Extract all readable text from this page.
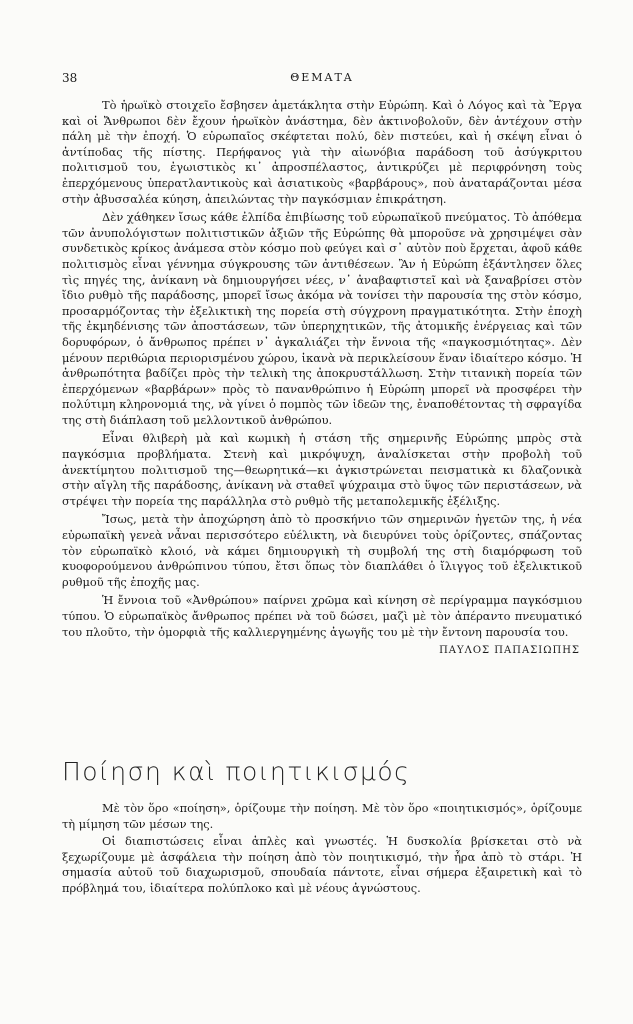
38	ΘΕΜΑΤΑ

Τὸ ἡρωϊκὸ στοιχεῖο ἔσβησεν ἀμετάκλητα στὴν Εὐρώπη. Καὶ ὁ Λόγος καὶ τὰ Ἔργα καὶ οἱ Ἄνθρωποι δὲν ἔχουν ἡρωϊκὸν ἀνάστημα, δὲν ἀκτινοβολοῦν, δὲν ἀντέχουν στὴν πάλη μὲ τὴν ἐποχή. Ὁ εὐρωπαῖος σκέφτεται πολύ, δὲν πιστεύει, καὶ ἡ σκέψη εἶναι ὁ ἀντίποδας τῆς πίστης. Περήφανος γιὰ τὴν αἰωνόβια παράδοση τοῦ ἀσύγκριτου πολιτισμοῦ του, ἐγωιστικὸς κι᾿ ἀπροσπέλαστος, ἀντικρύζει μὲ περιφρόνηση τοὺς ἐπερχόμενους ὑπερατλαντικοὺς καὶ ἀσιατικοὺς «βαρβάρους», ποὺ ἀναταράζονται μέσα στὴν ἀβυσσαλέα κύηση, ἀπειλώντας τὴν παγκόσμιαν ἐπικράτηση.

Δὲν χάθηκεν ἴσως κάθε ἐλπίδα ἐπιβίωσης τοῦ εὐρωπαϊκοῦ πνεύματος. Τὸ ἀπόθεμα τῶν ἀνυπολόγιστων πολιτιστικῶν ἀξιῶν τῆς Εὐρώπης θὰ μποροῦσε νὰ χρησιμέψει σὰν συνδετικὸς κρίκος ἀνάμεσα στὸν κόσμο ποὺ φεύγει καὶ σ᾿ αὐτὸν ποὺ ἔρχεται, ἀφοῦ κάθε πολιτισμὸς εἶναι γέννημα σύγκρουσης τῶν ἀντιθέσεων. Ἂν ἡ Εὐρώπη ἐξάντλησεν ὅλες τὶς πηγές της, ἀνίκανη νὰ δημιουργήσει νέες, ν᾿ ἀναβαφτιστεῖ καὶ νὰ ξαναβρίσει στὸν ἴδιο ρυθμὸ τῆς παράδοσης, μπορεῖ ἴσως ἀκόμα νὰ τονίσει τὴν παρουσία της στὸν κόσμο, προσαρμόζοντας τὴν ἐξελικτικὴ της πορεία στὴ σύγχρονη πραγματικότητα. Στὴν ἐποχὴ τῆς ἐκμηδένισης τῶν ἀποστάσεων, τῶν ὑπερηχητικῶν, τῆς ἀτομικῆς ἐνέργειας καὶ τῶν δορυφόρων, ὁ ἄνθρωπος πρέπει ν᾿ ἀγκαλιάζει τὴν ἔννοια τῆς «παγκοσμιότητας». Δὲν μένουν περιθώρια περιορισμένου χώρου, ἱκανὰ νὰ περικλείσουν ἕναν ἰδιαίτερο κόσμο. Ἡ ἀνθρωπότητα βαδίζει πρὸς τὴν τελικὴ της ἀποκρυστάλλωση. Στὴν τιτανικὴ πορεία τῶν ἐπερχόμενων «βαρβάρων» πρὸς τὸ πανανθρώπινο ἡ Εὐρώπη μπορεῖ νὰ προσφέρει τὴν πολύτιμη κληρονομιά της, νὰ γίνει ὁ πομπὸς τῶν ἰδεῶν της, ἐναποθέτοντας τὴ σφραγίδα της στὴ διάπλαση τοῦ μελλοντικοῦ ἀνθρώπου.

Εἶναι θλιβερὴ μὰ καὶ κωμικὴ ἡ στάση τῆς σημερινῆς Εὐρώπης μπρὸς στὰ παγκόσμια προβλήματα. Στενὴ καὶ μικρόψυχη, ἀναλίσκεται στὴν προβολὴ τοῦ ἀνεκτίμητου πολιτισμοῦ της—θεωρητικά—κι ἀγκιστρώνεται πεισματικὰ κι δλαζονικὰ στὴν αἴγλη τῆς παράδοσης, ἀνίκανη νὰ σταθεῖ ψύχραιμα στὸ ὕψος τῶν περιστάσεων, νὰ στρέψει τὴν πορεία της παράλληλα στὸ ρυθμὸ τῆς μεταπολεμικῆς ἐξέλιξης.

Ἴσως, μετὰ τὴν ἀποχώρηση ἀπὸ τὸ προσκήνιο τῶν σημερινῶν ἡγετῶν της, ἡ νέα εὐρωπαϊκὴ γενεὰ νἆναι περισσότερο εὐέλικτη, νὰ διευρύνει τοὺς ὁρίζοντες, σπάζοντας τὸν εὐρωπαϊκὸ κλοιό, νὰ κάμει δημιουργικὴ τὴ συμβολή της στὴ διαμόρφωση τοῦ κυοφορούμενου ἀνθρώπινου τύπου, ἔτσι ὅπως τὸν διαπλάθει ὁ ἴλιγγος τοῦ ἐξελικτικοῦ ρυθμοῦ τῆς ἐποχῆς μας.

Ἡ ἔννοια τοῦ «Ἀνθρώπου» παίρνει χρῶμα καὶ κίνηση σὲ περίγραμμα παγκόσμιου τύπου. Ὁ εὐρωπαϊκὸς ἄνθρωπος πρέπει νὰ τοῦ δώσει, μαζὶ μὲ τὸν ἀπέραντο πνευματικό του πλοῦτο, τὴν ὀμορφιὰ τῆς καλλιεργημένης ἀγωγῆς του μὲ τὴν ἔντονη παρουσία του.

ΠΑΥΛΟΣ ΠΑΠΑΣΙΩΠΗΣ
Ποίηση καὶ ποιητικισμός

Μὲ τὸν ὅρο «ποίηση», ὁρίζουμε τὴν ποίηση. Μὲ τὸν ὅρο «ποιητικισμός», ὁρίζουμε τὴ μίμηση τῶν μέσων της.

Οἱ διαπιστώσεις εἶναι ἁπλὲς καὶ γνωστές. Ἡ δυσκολία βρίσκεται στὸ νὰ ξεχωρίζουμε μὲ ἀσφάλεια τὴν ποίηση ἀπὸ τὸν ποιητικισμό, τὴν ἦρα ἀπὸ τὸ στάρι. Ἡ σημασία αὐτοῦ τοῦ διαχωρισμοῦ, σπουδαία πάντοτε, εἶναι σήμερα ἐξαιρετικὴ καὶ τὸ πρόβλημά του, ἰδιαίτερα πολύπλοκο καὶ μὲ νέους ἀγνώστους.
